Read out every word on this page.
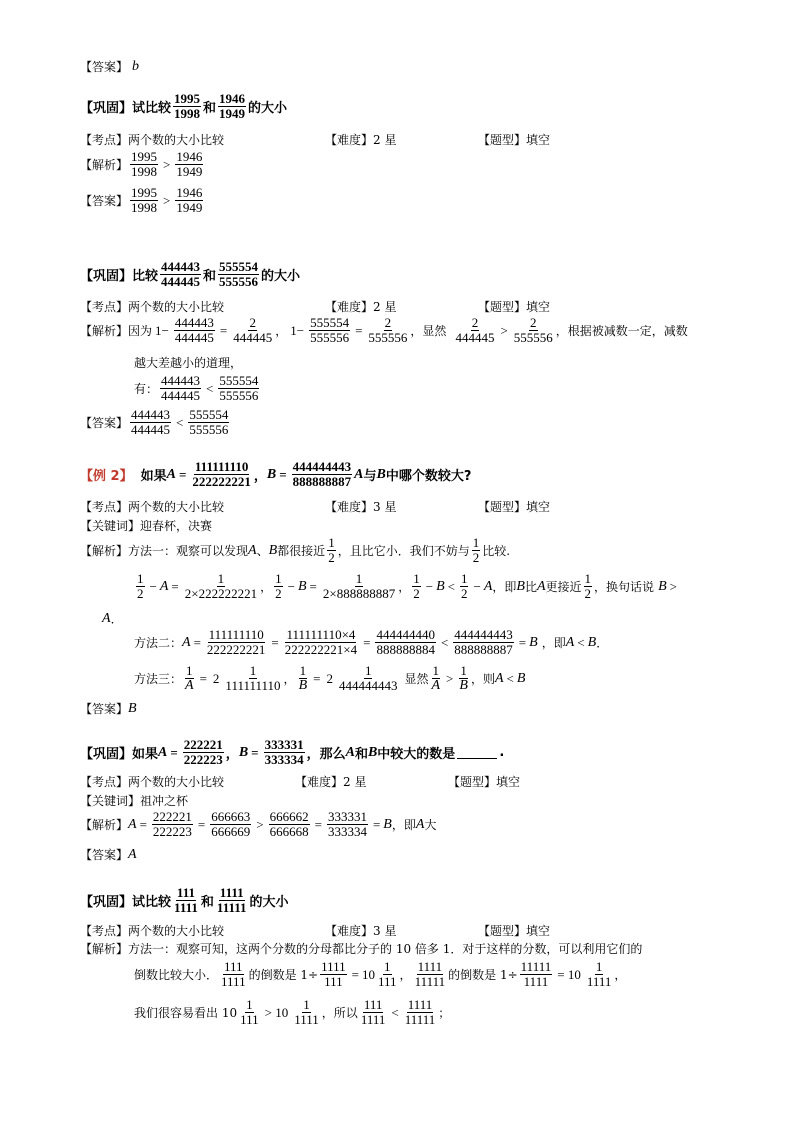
【答案】 b
【巩固】 试比较
1995
1998 和
1946
1949 的大小
【考点】 两个数的大小比较	【难度】2 星	【题型】填空
【解析】
1995
1998 > 1946
1949
【答案】
1995
1998 > 1946
1949
【巩固】 比较
444443
444445 和
555554
555556 的大小
【考点】 两个数的大小比较	【难度】2 星	【题型】填空
【解析】 因为 $1- \frac{444443}{444445} = \frac{2}{444445}$ ， $1- \frac{555554}{555556} = \frac{2}{555556}$ ，显然
2
444445 > 2
555556 ，根据被减数一定，减数
越大差越小的道理，
有：
444443
444445 < 555554
555556
【答案】
444443
444445 < 555554
555556
【 例 2 】 如果 $A = \frac{111111110}{222222221}$ ， $B = \frac{444444443}{888888887}$ A 与 B 中哪个数较大?
【考点】 两个数的大小比较	【难度】3 星	【题型】填空
【关键词】 迎春杯，决赛
【解析】 方法一：观察可以发现 A 、 B 都很接近
1
2 ，且比它小．我们不妨与
1
2 比较.
1
$2 - A = \frac{1}{2\times 222222221}$ ，
1
$2 - B = \frac{1}{2\times 888888887}$ ，
1
2 − B < 1
2 − A ，即 B 比 A 更接近
1
2 ，换句话说 B >
A ．
方法二： $A = \frac{111111110}{222222221} = \frac{111111110\times 4}{222222221\times 4} = \frac{444444440}{888888884} < \frac{444444443}{888888887} = B$ ，即 A < B ．
方法三： $\frac{1}{A} = 2$ 1
111111110 ， $\frac{1}{B} = 2$ 1
444444443 显然
1
A > 1
B ，则 A < B
【答案】 B
【巩固】 如果 $A = \frac{222221}{222223}$ ， $B = \frac{333331}{333334}$ ，那么 A 和 B 中较大的数是	.
【考点】 两个数的大小比较	【难度】2 星	【题型】填空
【关键词】 祖冲之杯
【解析】 $A = \frac{222221}{222223} = \frac{666663}{666669} > \frac{666662}{666668} = \frac{333331}{333334} = B$ ，即 A 大
【答案】 A
【巩固】 试比较
111
1111 和
1111
11111 的大小
【考点】 两个数的大小比较	【难度】3 星	【题型】填空
【解析】 方法一：观察可知，这两个分数的分母都比分子的 10 倍多 1．对于这样的分数，可以利用它们的
倒数比较大小．
111
1111 的倒数是 $1\div \frac{1111}{111} = 10$ 1
111 ，
1111
11111 的倒数是 $1\div \frac{11111}{1111} = 10$ 1
1111 ，
我们很容易看出 10
1
111 > 10 1
1111 ，所以
111
1111 < 1111
11111 ；
